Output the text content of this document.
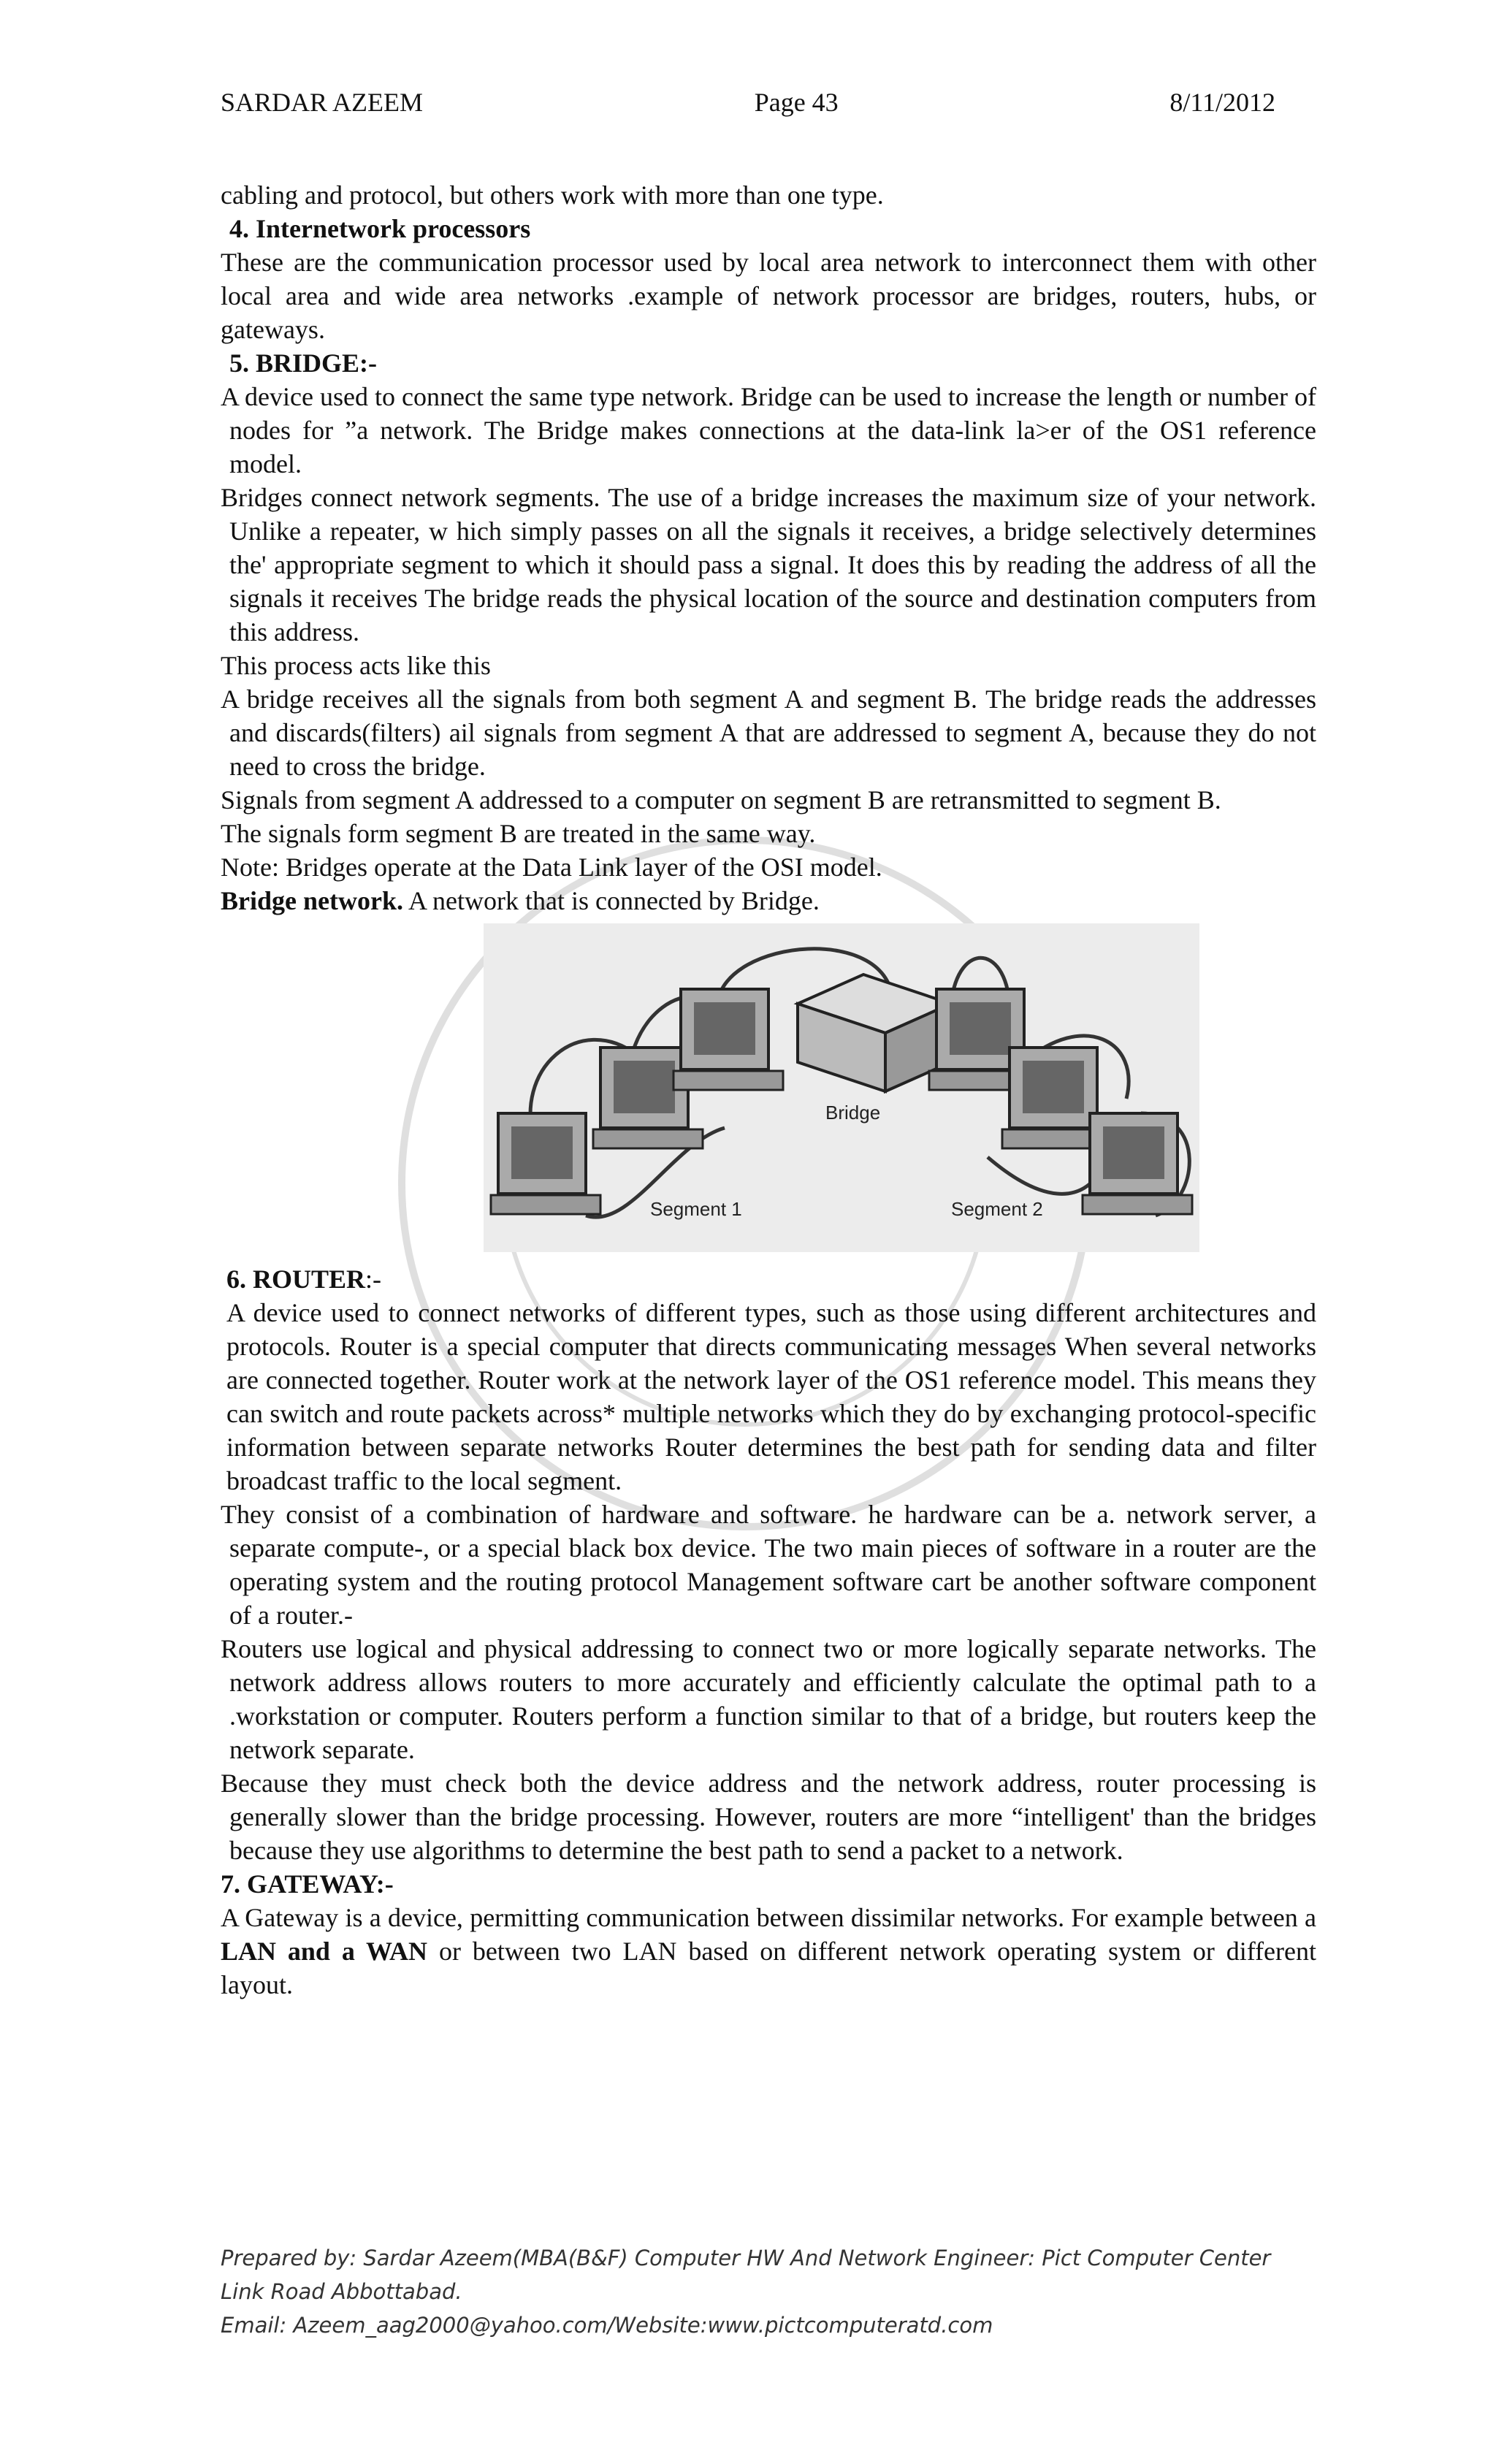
SARDAR AZEEM	Page 43	8/11/2012

cabling and protocol, but others work with more than one type.

4. Internetwork processors

These are the communication processor used by local area network to interconnect them with other local area and wide area networks .example of network processor are bridges, routers, hubs, or gateways.

5. BRIDGE:-

A device used to connect the same type network. Bridge can be used to increase the length or number of nodes for ”a network. The Bridge makes connections at the data-link la>er of the OS1 reference model.

Bridges connect network segments. The use of a bridge increases the maximum size of your network. Unlike a repeater, w hich simply passes on all the signals it receives, a bridge selectively determines the' appropriate segment to which it should pass a signal. It does this by reading the address of all the signals it receives The bridge reads the physical location of the source and destination computers from this address.

This process acts like this

A bridge receives all the signals from both segment A and segment B. The bridge reads the addresses and discards(filters) ail signals from segment A that are addressed to segment A, because they do not need to cross the bridge.

Signals from segment A addressed to a computer on segment B are retransmitted to segment B.

The signals form segment B are treated in the same way.

Note: Bridges operate at the Data Link layer of the OSI model.

Bridge network. A network that is connected by Bridge.

Bridge
Segment 1	Segment 2

6. ROUTER:-

A device used to connect networks of different types, such as those using different architectures and protocols. Router is a special computer that directs communicating messages When several networks are connected together. Router work at the network layer of the OS1 reference model. This means they can switch and route packets across* multiple networks which they do by exchanging protocol-specific information between separate networks Router determines the best path for sending data and filter broadcast traffic to the local segment.

They consist of a combination of hardware and software. he hardware can be a. network server, a separate compute-, or a special black box device. The two main pieces of software in a router are the operating system and the routing protocol Management software cart be another software component of a router.-

Routers use logical and physical addressing to connect two or more logically separate networks. The network address allows routers to more accurately and efficiently calculate the optimal path to a .workstation or computer. Routers perform a function similar to that of a bridge, but routers keep the network separate.

Because they must check both the device address and the network address, router processing is generally slower than the bridge processing. However, routers are more “intelligent' than the bridges because they use algorithms to determine the best path to send a packet to a network.

7. GATEWAY:-

A Gateway is a device, permitting communication between dissimilar networks. For example between a LAN and a WAN or between two LAN based on different network operating system or different layout.

Prepared by: Sardar Azeem(MBA(B&F) Computer HW And Network Engineer: Pict Computer Center Link Road Abbottabad.

Email: Azeem_aag2000@yahoo.com/Website:www.pictcomputeratd.com
